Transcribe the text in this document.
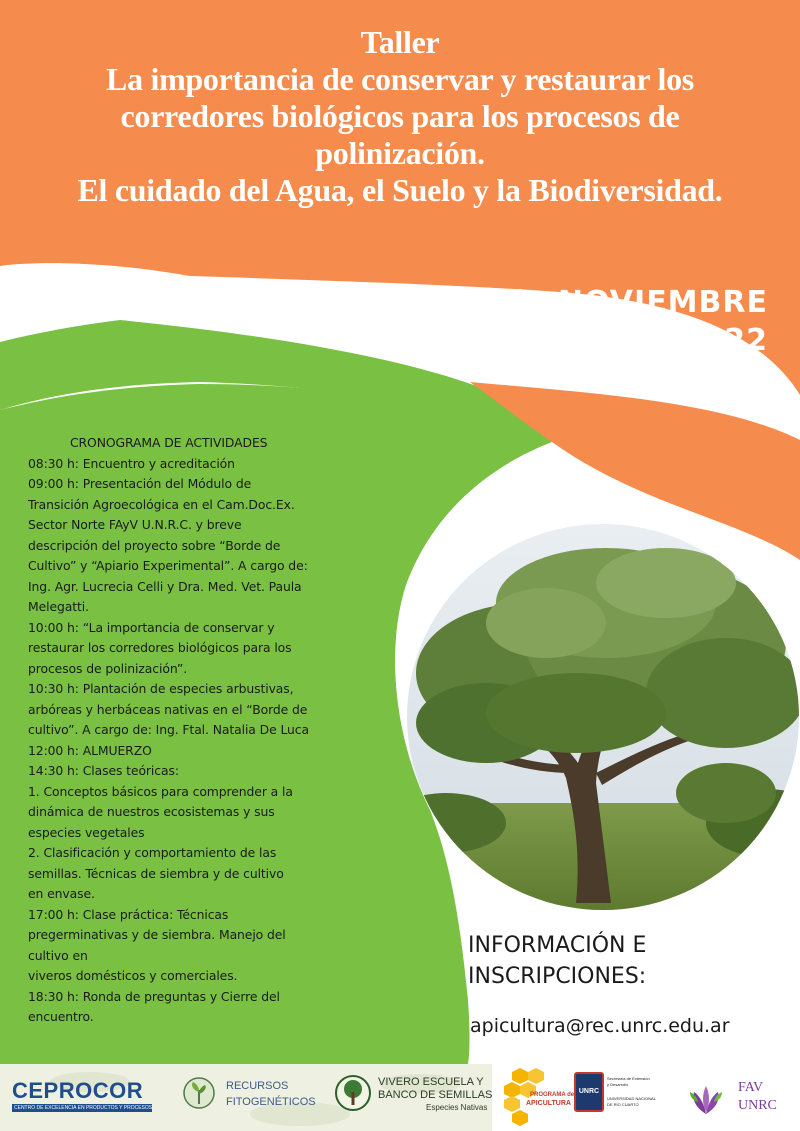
Taller
La importancia de conservar y restaurar los
corredores biológicos para los procesos de
polinización.
El cuidado del Agua, el Suelo y la Biodiversidad.
4 de NOVIEMBRE
2022
CRONOGRAMA DE ACTIVIDADES
08:30 h: Encuentro y acreditación
09:00 h: Presentación del Módulo de
Transición Agroecológica en el Cam.Doc.Ex.
Sector Norte FAyV U.N.R.C. y breve
descripción del proyecto sobre “Borde de
Cultivo” y “Apiario Experimental”. A cargo de:
Ing. Agr. Lucrecia Celli y Dra. Med. Vet. Paula
Melegatti.
10:00 h: “La importancia de conservar y
restaurar los corredores biológicos para los
procesos de polinización”.
10:30 h: Plantación de especies arbustivas,
arbóreas y herbáceas nativas en el “Borde de
cultivo”. A cargo de: Ing. Ftal. Natalia De Luca
12:00 h: ALMUERZO
14:30 h: Clases teóricas:
1. Conceptos básicos para comprender a la
dinámica de nuestros ecosistemas y sus
especies vegetales
2. Clasificación y comportamiento de las
semillas. Técnicas de siembra y de cultivo
en envase.
17:00 h: Clase práctica: Técnicas
pregerminativas y de siembra. Manejo del
cultivo en
viveros domésticos y comerciales.
18:30 h: Ronda de preguntas y Cierre del
encuentro.
INFORMACIÓN E
INSCRIPCIONES:
apicultura@rec.unrc.edu.ar
CEPROCOR
CENTRO DE EXCELENCIA EN PRODUCTOS Y PROCESOS
RECURSOS
FITOGENÉTICOS
VIVERO ESCUELA Y
BANCO DE SEMILLAS
Especies Nativas
PROGRAMA de
APICULTURA
UNRC
Secretaría de Extensión
y Desarrollo
UNIVERSIDAD NACIONAL
DE RÍO CUARTO
FAV
UNRC
